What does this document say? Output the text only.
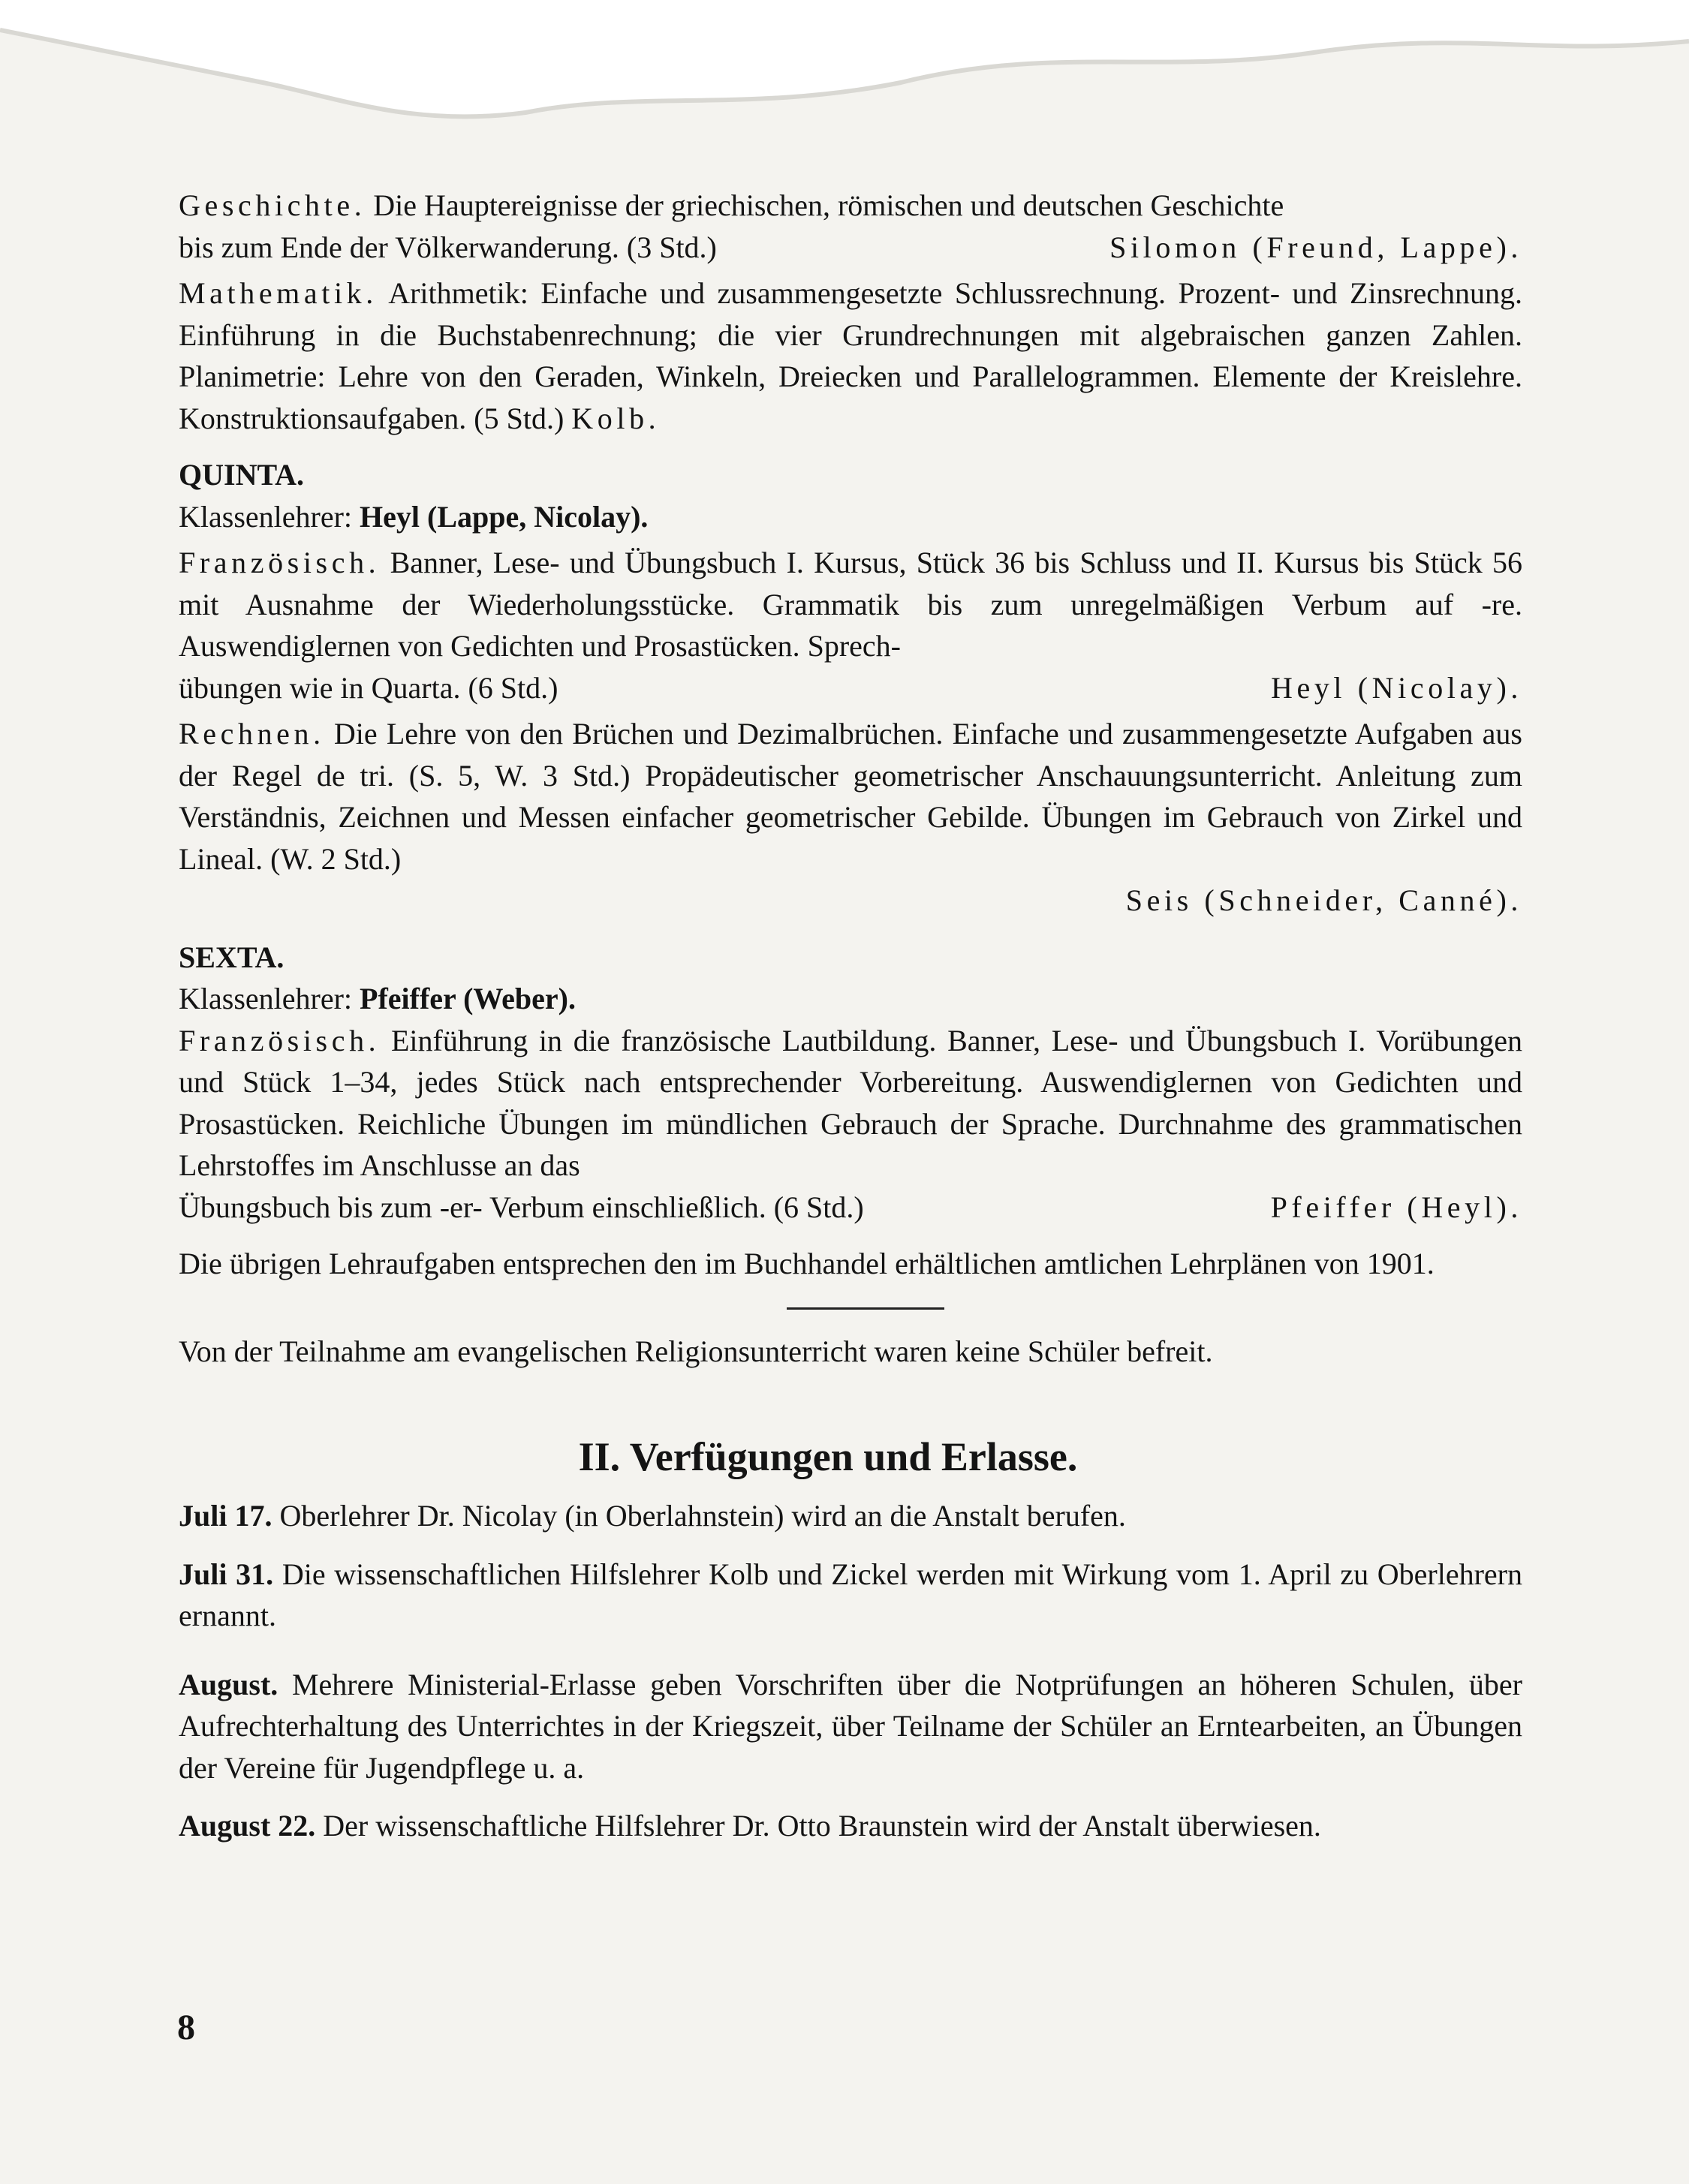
Geschichte. Die Hauptereignisse der griechischen, römischen und deutschen Geschichte

bis zum Ende der Völkerwanderung. (3 Std.)	Silomon (Freund, Lappe).

Mathematik. Arithmetik: Einfache und zusammengesetzte Schlussrechnung. Prozent- und Zinsrechnung. Einführung in die Buchstabenrechnung; die vier Grundrechnungen mit algebraischen ganzen Zahlen. Planimetrie: Lehre von den Geraden, Winkeln, Dreiecken und Parallelogrammen. Elemente der Kreislehre. Konstruktionsaufgaben. (5 Std.) Kolb.

QUINTA.
Klassenlehrer: Heyl (Lappe, Nicolay).

Französisch. Banner, Lese- und Übungsbuch I. Kursus, Stück 36 bis Schluss und II. Kursus bis Stück 56 mit Ausnahme der Wiederholungsstücke. Grammatik bis zum unregelmäßigen Verbum auf -re. Auswendiglernen von Gedichten und Prosastücken. Sprech-

übungen wie in Quarta. (6 Std.)	Heyl (Nicolay).

Rechnen. Die Lehre von den Brüchen und Dezimalbrüchen. Einfache und zusammengesetzte Aufgaben aus der Regel de tri. (S. 5, W. 3 Std.) Propädeutischer geometrischer Anschauungsunterricht. Anleitung zum Verständnis, Zeichnen und Messen einfacher geometrischer Gebilde. Übungen im Gebrauch von Zirkel und Lineal. (W. 2 Std.)

Seis (Schneider, Canné).
SEXTA.
Klassenlehrer: Pfeiffer (Weber).

Französisch. Einführung in die französische Lautbildung. Banner, Lese- und Übungsbuch I. Vorübungen und Stück 1–34, jedes Stück nach entsprechender Vorbereitung. Auswendiglernen von Gedichten und Prosastücken. Reichliche Übungen im mündlichen Gebrauch der Sprache. Durchnahme des grammatischen Lehrstoffes im Anschlusse an das

Übungsbuch bis zum -er- Verbum einschließlich. (6 Std.)	Pfeiffer (Heyl).

Die übrigen Lehraufgaben entsprechen den im Buchhandel erhältlichen amtlichen Lehrplänen von 1901.

Von der Teilnahme am evangelischen Religionsunterricht waren keine Schüler befreit.

II. Verfügungen und Erlasse.

Juli 17. Oberlehrer Dr. Nicolay (in Oberlahnstein) wird an die Anstalt berufen.

Juli 31. Die wissenschaftlichen Hilfslehrer Kolb und Zickel werden mit Wirkung vom 1. April zu Oberlehrern ernannt.

August. Mehrere Ministerial-Erlasse geben Vorschriften über die Notprüfungen an höheren Schulen, über Aufrechterhaltung des Unterrichtes in der Kriegszeit, über Teilname der Schüler an Erntearbeiten, an Übungen der Vereine für Jugendpflege u. a.

August 22. Der wissenschaftliche Hilfslehrer Dr. Otto Braunstein wird der Anstalt überwiesen.

8
